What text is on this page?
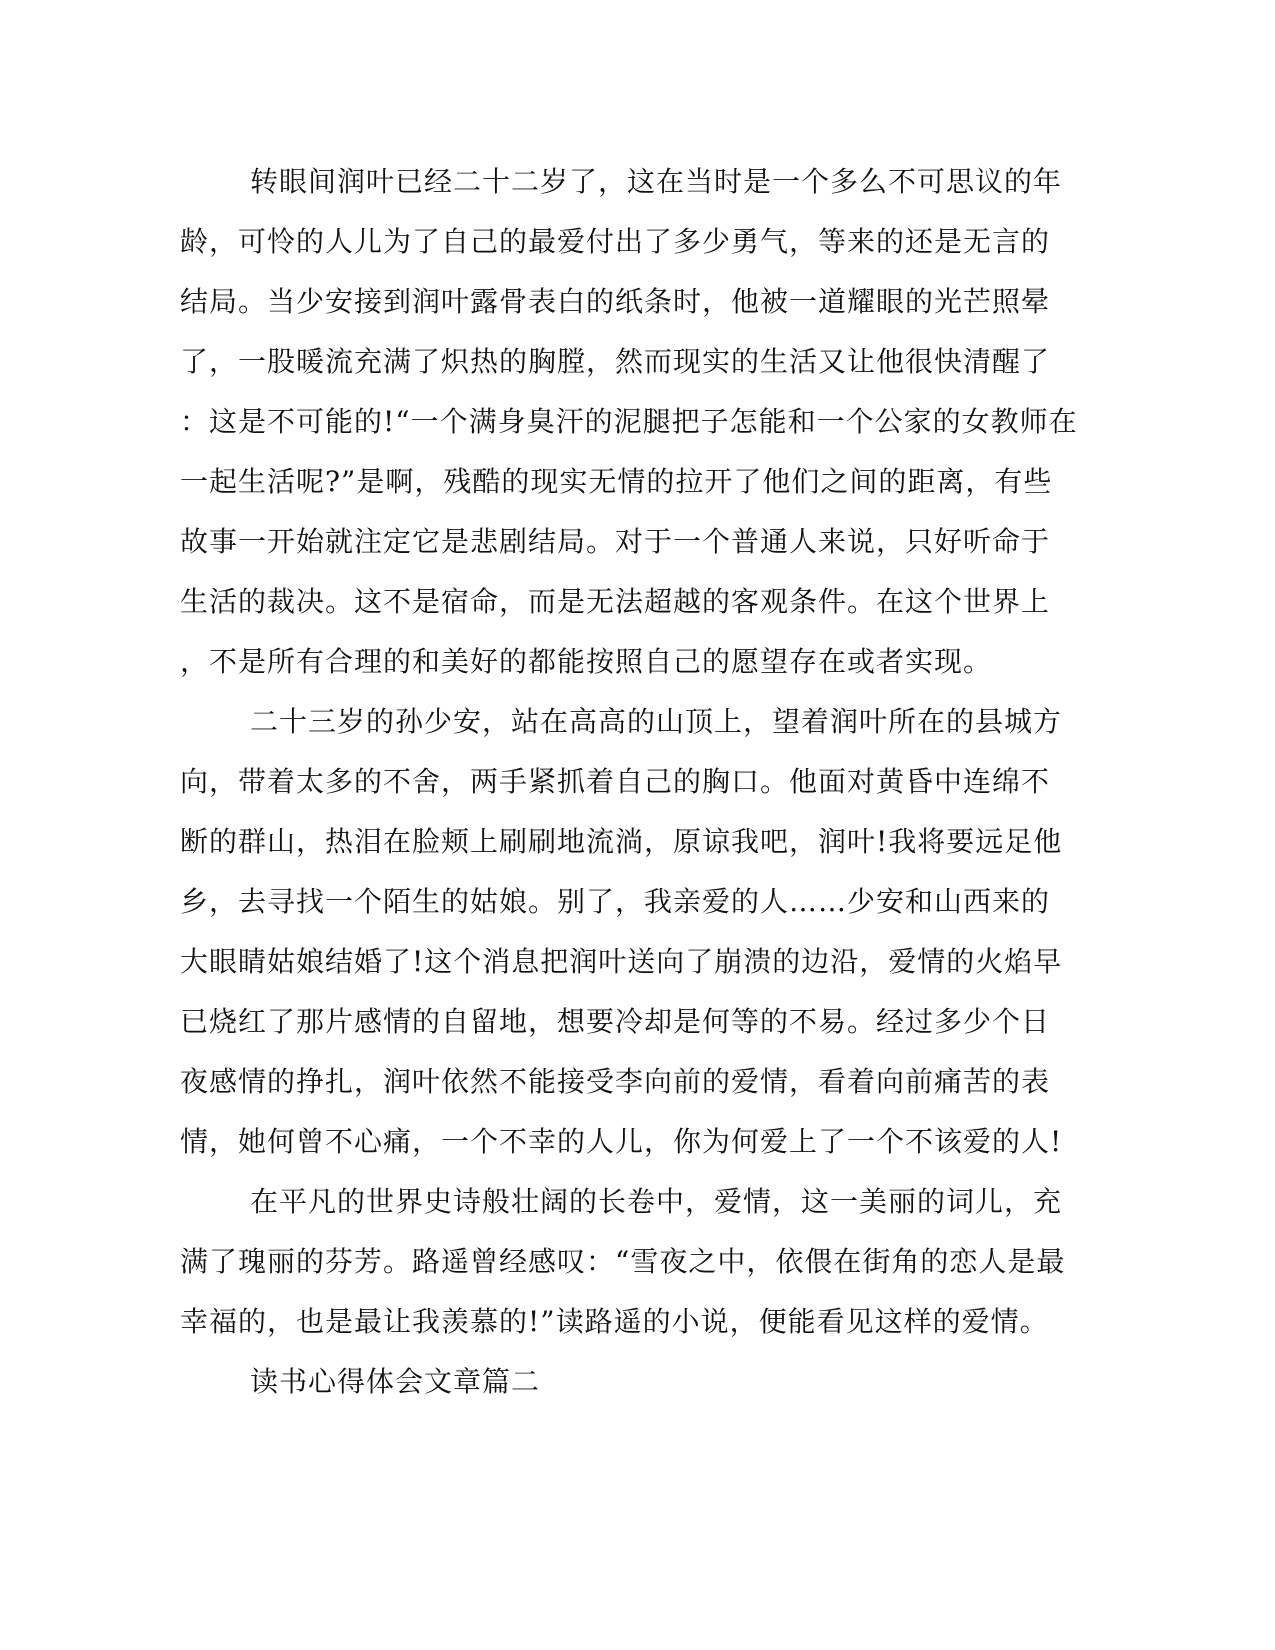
转眼间润叶已经二十二岁了，这在当时是一个多么不可思议的年
龄，可怜的人儿为了自己的最爱付出了多少勇气，等来的还是无言的
结局。当少安接到润叶露骨表白的纸条时，他被一道耀眼的光芒照晕
了，一股暖流充满了炽热的胸膛，然而现实的生活又让他很快清醒了
：这是不可能的!“一个满身臭汗的泥腿把子怎能和一个公家的女教师在
一起生活呢?”是啊，残酷的现实无情的拉开了他们之间的距离，有些
故事一开始就注定它是悲剧结局。对于一个普通人来说，只好听命于
生活的裁决。这不是宿命，而是无法超越的客观条件。在这个世界上
，不是所有合理的和美好的都能按照自己的愿望存在或者实现。
二十三岁的孙少安，站在高高的山顶上，望着润叶所在的县城方
向，带着太多的不舍，两手紧抓着自己的胸口。他面对黄昏中连绵不
断的群山，热泪在脸颊上刷刷地流淌，原谅我吧，润叶!我将要远足他
乡，去寻找一个陌生的姑娘。别了，我亲爱的人……少安和山西来的
大眼睛姑娘结婚了!这个消息把润叶送向了崩溃的边沿，爱情的火焰早
已烧红了那片感情的自留地，想要冷却是何等的不易。经过多少个日
夜感情的挣扎，润叶依然不能接受李向前的爱情，看着向前痛苦的表
情，她何曾不心痛，一个不幸的人儿，你为何爱上了一个不该爱的人!
在平凡的世界史诗般壮阔的长卷中，爱情，这一美丽的词儿，充
满了瑰丽的芬芳。路遥曾经感叹：“雪夜之中，依偎在街角的恋人是最
幸福的，也是最让我羡慕的!”读路遥的小说，便能看见这样的爱情。
读书心得体会文章篇二
